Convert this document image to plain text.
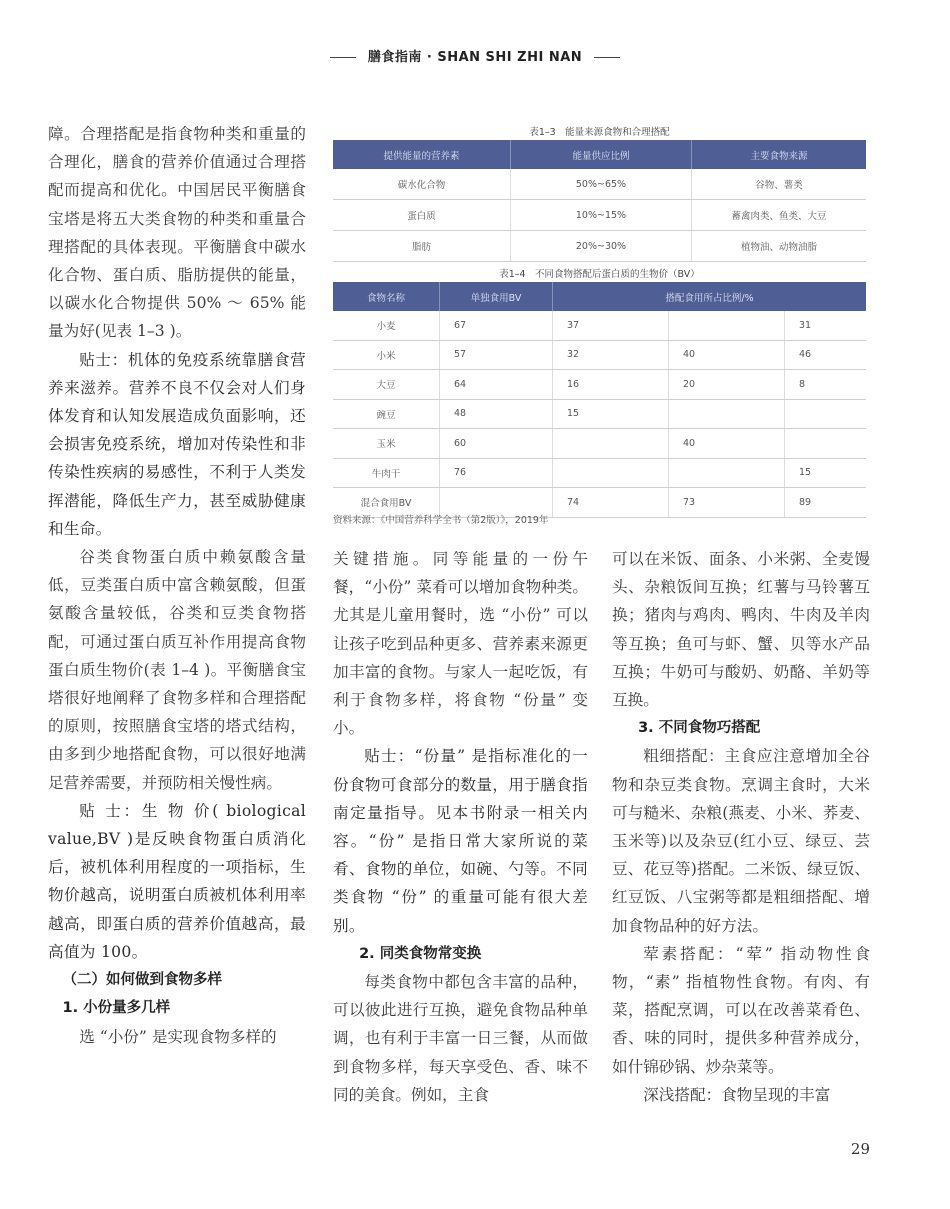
膳食指南 · SHAN SHI ZHI NAN

障。合理搭配是指食物种类和重量的合理化，膳食的营养价值通过合理搭配而提高和优化。中国居民平衡膳食宝塔是将五大类食物的种类和重量合理搭配的具体表现。平衡膳食中碳水化合物、蛋白质、脂肪提供的能量，以碳水化合物提供 50% ～ 65% 能量为好(见表 1–3 )。

贴士：机体的免疫系统靠膳食营养来滋养。营养不良不仅会对人们身体发育和认知发展造成负面影响，还会损害免疫系统，增加对传染性和非传染性疾病的易感性，不利于人类发挥潜能，降低生产力，甚至威胁健康和生命。

谷类食物蛋白质中赖氨酸含量低，豆类蛋白质中富含赖氨酸，但蛋氨酸含量较低，谷类和豆类食物搭配，可通过蛋白质互补作用提高食物蛋白质生物价(表 1–4 )。平衡膳食宝塔很好地阐释了食物多样和合理搭配的原则，按照膳食宝塔的塔式结构，由多到少地搭配食物，可以很好地满足营养需要，并预防相关慢性病。

贴 士：生 物 价( biological value,BV )是反映食物蛋白质消化后，被机体利用程度的一项指标，生物价越高，说明蛋白质被机体利用率越高，即蛋白质的营养价值越高，最高值为 100。

（二）如何做到食物多样

1. 小份量多几样

选 “小份” 是实现食物多样的

表1–3　能量来源食物和合理搭配
提供能量的营养素	能量供应比例	主要食物来源
碳水化合物	50%~65%	谷物、薯类
蛋白质	10%~15%	蓄禽肉类、鱼类、大豆
脂肪	20%~30%	植物油、动物油脂
表1–4　不同食物搭配后蛋白质的生物价（BV）
食物名称	单独食用BV	搭配食用所占比例/%		
小麦	67	37		31
小米	57	32	40	46
大豆	64	16	20	8
豌豆	48	15		
玉米	60		40	
牛肉干	76			15
混合食用BV		74	73	89
资料来源：《中国营养科学全书（第2版）》，2019年

关键措施。同等能量的一份午餐，“小份” 菜肴可以增加食物种类。尤其是儿童用餐时，选 “小份” 可以让孩子吃到品种更多、营养素来源更加丰富的食物。与家人一起吃饭，有利于食物多样，将食物 “份量” 变小。

贴士：“份量” 是指标准化的一份食物可食部分的数量，用于膳食指南定量指导。见本书附录一相关内容。“份” 是指日常大家所说的菜肴、食物的单位，如碗、勺等。不同类食物 “份” 的重量可能有很大差别。

2. 同类食物常变换

每类食物中都包含丰富的品种，可以彼此进行互换，避免食物品种单调，也有利于丰富一日三餐，从而做到食物多样，每天享受色、香、味不同的美食。例如，主食

可以在米饭、面条、小米粥、全麦馒头、杂粮饭间互换；红薯与马铃薯互换；猪肉与鸡肉、鸭肉、牛肉及羊肉等互换；鱼可与虾、蟹、贝等水产品互换；牛奶可与酸奶、奶酪、羊奶等互换。

3. 不同食物巧搭配

粗细搭配：主食应注意增加全谷物和杂豆类食物。烹调主食时，大米可与糙米、杂粮(燕麦、小米、荞麦、玉米等)以及杂豆(红小豆、绿豆、芸豆、花豆等)搭配。二米饭、绿豆饭、红豆饭、八宝粥等都是粗细搭配、增加食物品种的好方法。

荤素搭配：“荤” 指动物性食物，“素” 指植物性食物。有肉、有菜，搭配烹调，可以在改善菜肴色、香、味的同时，提供多种营养成分，如什锦砂锅、炒杂菜等。

深浅搭配：食物呈现的丰富

29
